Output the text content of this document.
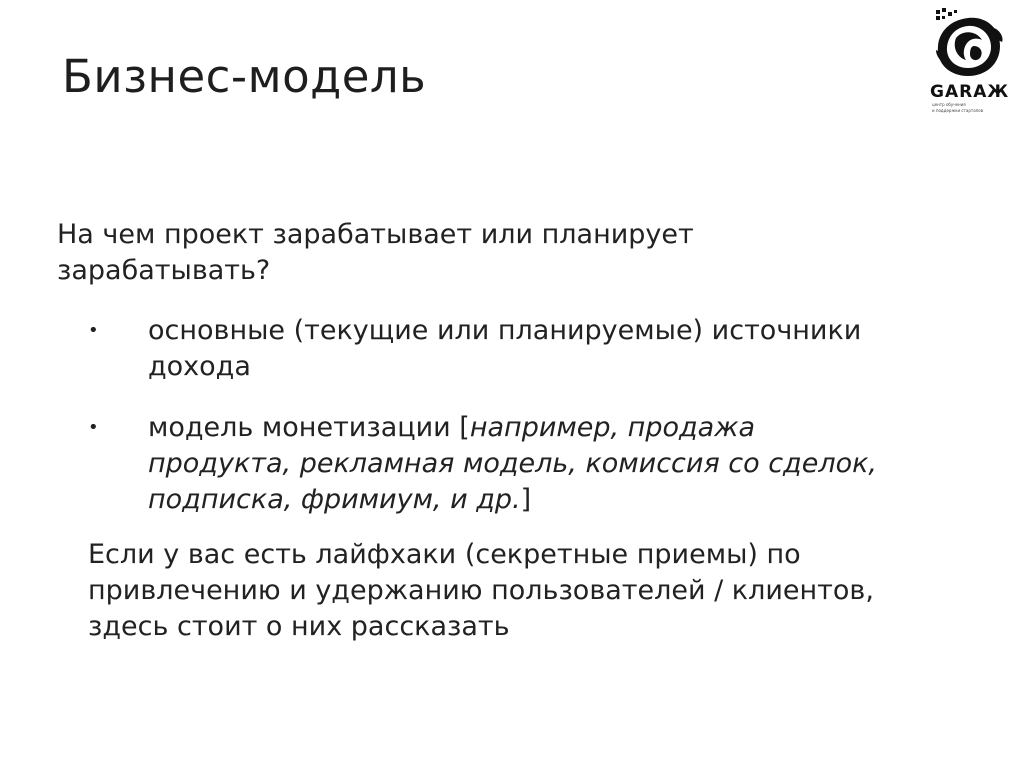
Бизнес-модель	GARAЖ
центр обучения
и поддержки стартапов
На чем проект зарабатывает или планирует зарабатывать?
• основные (текущие или планируемые) источники дохода
• модель монетизации [например, продажа продукта, рекламная модель, комиссия со сделок, подписка, фримиум, и др.]
Если у вас есть лайфхаки (секретные приемы) по привлечению и удержанию пользователей / клиентов, здесь стоит о них рассказать
